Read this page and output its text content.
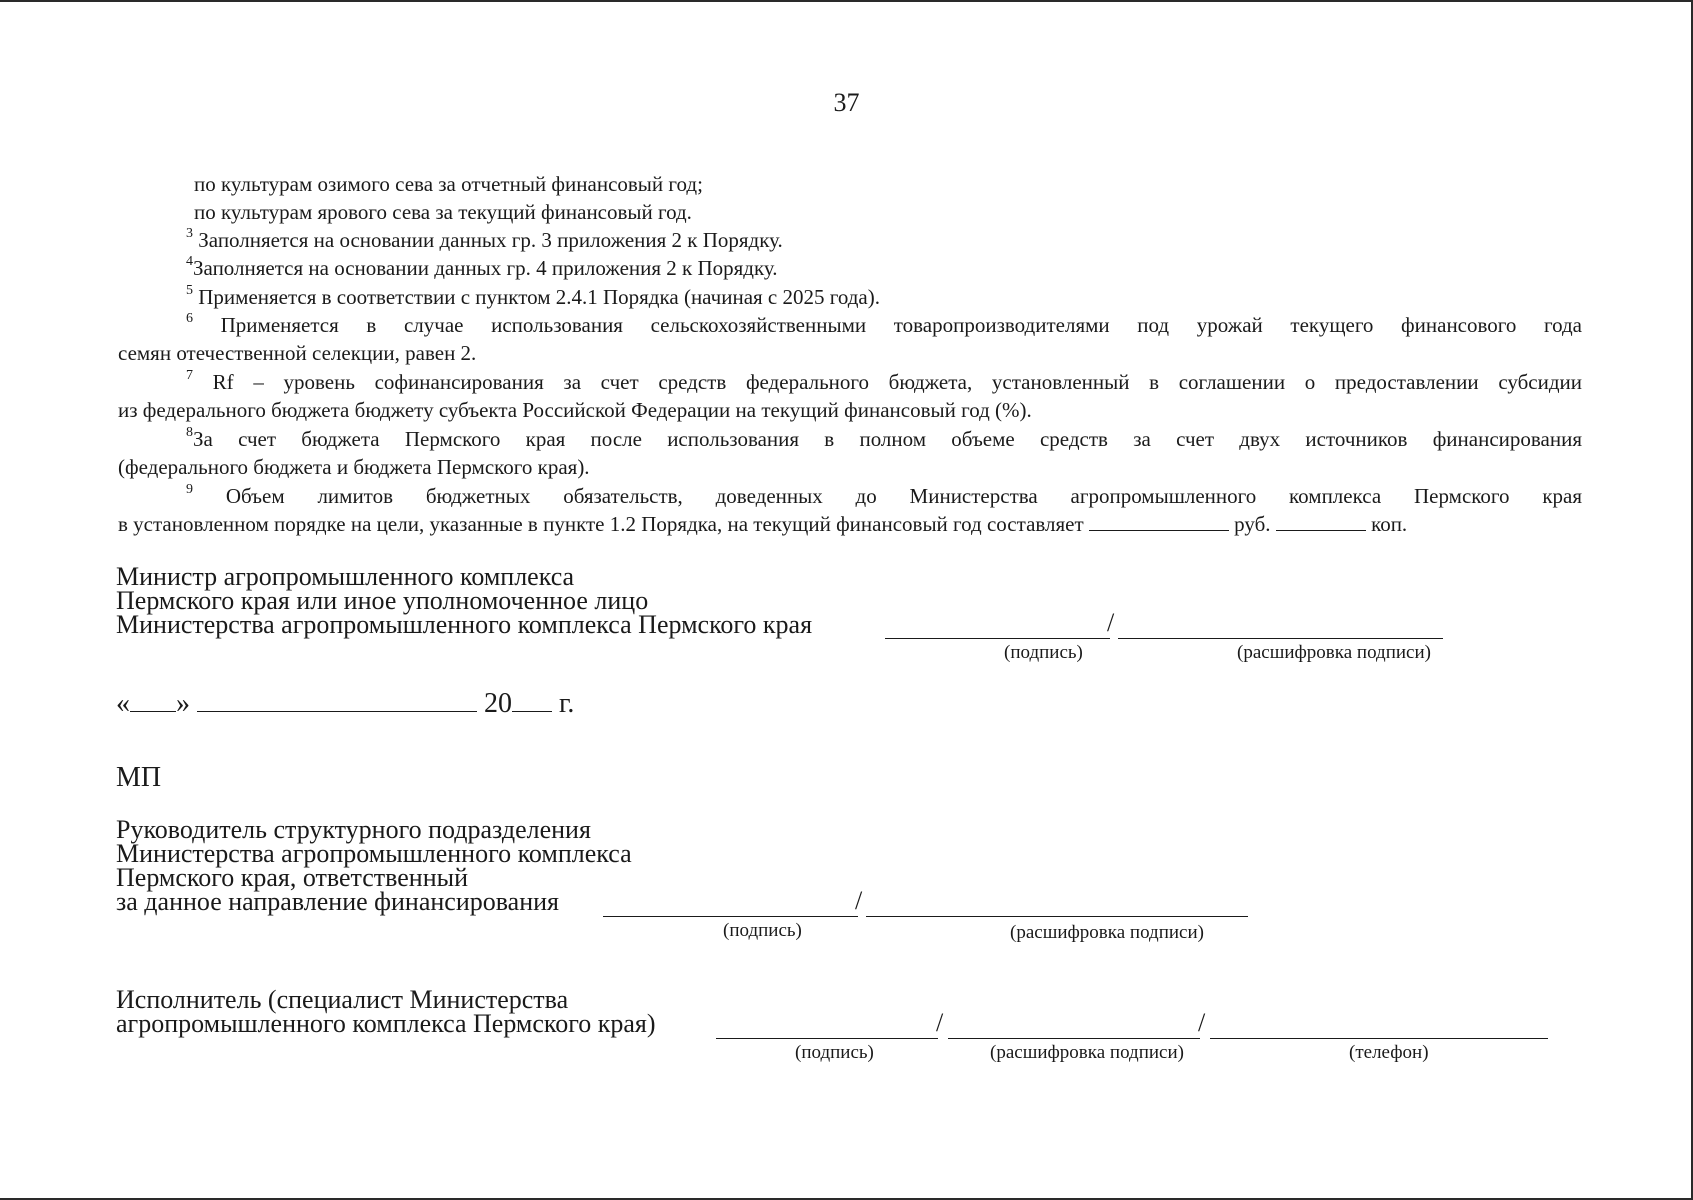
37
по культурам озимого сева за отчетный финансовый год;
по культурам ярового сева за текущий финансовый год.
$^3$ Заполняется на основании данных гр. 3 приложения 2 к Порядку.
$^4$Заполняется на основании данных гр. 4 приложения 2 к Порядку.
$^5$ Применяется в соответствии с пунктом 2.4.1 Порядка (начиная с 2025 года).
$^6$ Применяется в случае использования сельскохозяйственными товаропроизводителями под урожай текущего финансового года
семян отечественной селекции, равен 2.
$^7$ Rf – уровень софинансирования за счет средств федерального бюджета, установленный в соглашении о предоставлении субсидии
из федерального бюджета бюджету субъекта Российской Федерации на текущий финансовый год (%).
$^8$За счет бюджета Пермского края после использования в полном объеме средств за счет двух источников финансирования
(федерального бюджета и бюджета Пермского края).
$^9$ Объем лимитов бюджетных обязательств, доведенных до Министерства агропромышленного комплекса Пермского края
в установленном порядке на цели, указанные в пункте 1.2 Порядка, на текущий финансовый год составляет	руб.	коп.
Министр агропромышленного комплекса
Пермского края или иное уполномоченное лицо
Министерства агропромышленного комплекса Пермского края	/
(подпись)	(расшифровка подписи)
« »	20 г.
МП
Руководитель структурного подразделения
Министерства агропромышленного комплекса
Пермского края, ответственный
за данное направление финансирования	/
(подпись)	(расшифровка подписи)
Исполнитель (специалист Министерства
агропромышленного комплекса Пермского края)	/	/
(подпись)	(расшифровка подписи)	(телефон)
